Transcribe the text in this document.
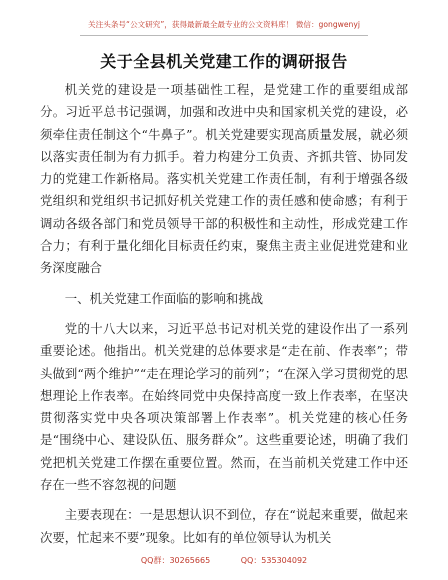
关注头条号“公文研究”，获得最新最全最专业的公文资料库！ 微信：gongwenyj
关于全县机关党建工作的调研报告

机关党的建设是一项基础性工程，是党建工作的重要组成部分。习近平总书记强调，加强和改进中央和国家机关党的建设，必须牵住责任制这个“牛鼻子”。机关党建要实现高质量发展，就必须以落实责任制为有力抓手。着力构建分工负责、齐抓共管、协同发力的党建工作新格局。落实机关党建工作责任制，有利于增强各级党组织和党组织书记抓好机关党建工作的责任感和使命感；有利于调动各级各部门和党员领导干部的积极性和主动性，形成党建工作合力；有利于量化细化目标责任约束，聚焦主责主业促进党建和业务深度融合

一、机关党建工作面临的影响和挑战

党的十八大以来，习近平总书记对机关党的建设作出了一系列重要论述。他指出。机关党建的总体要求是“走在前、作表率”；带头做到“两个维护”“走在理论学习的前列”；“在深入学习贯彻党的思想理论上作表率。在始终同党中央保持高度一致上作表率，在坚决贯彻落实党中央各项决策部署上作表率”。机关党建的核心任务是“围绕中心、建设队伍、服务群众”。这些重要论述，明确了我们党把机关党建工作摆在重要位置。然而，在当前机关党建工作中还存在一些不容忽视的问题

主要表现在：一是思想认识不到位，存在“说起来重要，做起来次要，忙起来不要”现象。比如有的单位领导认为机关

QQ群：30265665	QQ：535304092
